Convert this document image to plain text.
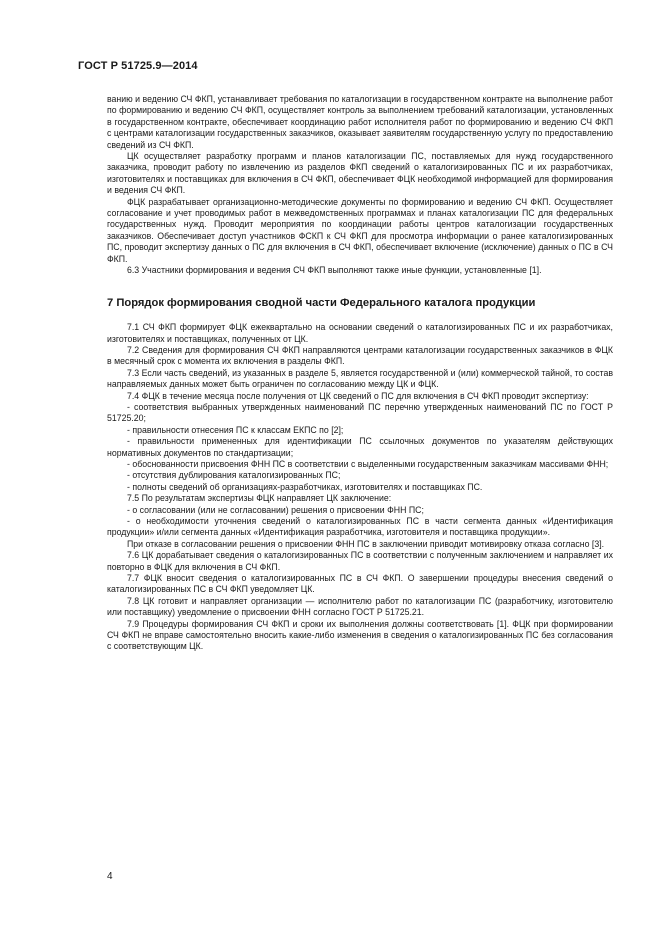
ГОСТ Р 51725.9—2014

ванию и ведению СЧ ФКП, устанавливает требования по каталогизации в государственном контракте на выполнение работ по формированию и ведению СЧ ФКП, осуществляет контроль за выполнением требований каталогизации, установленных в государственном контракте, обеспечивает координацию работ исполнителя работ по формированию и ведению СЧ ФКП с центрами каталогизации государственных заказчиков, оказывает заявителям государственную услугу по предоставлению сведений из СЧ ФКП.

ЦК осуществляет разработку программ и планов каталогизации ПС, поставляемых для нужд государственного заказчика, проводит работу по извлечению из разделов ФКП сведений о каталогизированных ПС и их разработчиках, изготовителях и поставщиках для включения в СЧ ФКП, обеспечивает ФЦК необходимой информацией для формирования и ведения СЧ ФКП.

ФЦК разрабатывает организационно-методические документы по формированию и ведению СЧ ФКП. Осуществляет согласование и учет проводимых работ в межведомственных программах и планах каталогизации ПС для федеральных государственных нужд. Проводит мероприятия по координации работы центров каталогизации государственных заказчиков. Обеспечивает доступ участников ФСКП к СЧ ФКП для просмотра информации о ранее каталогизированных ПС, проводит экспертизу данных о ПС для включения в СЧ ФКП, обеспечивает включение (исключение) данных о ПС в СЧ ФКП.

6.3 Участники формирования и ведения СЧ ФКП выполняют также иные функции, установленные [1].

7 Порядок формирования сводной части Федерального каталога продукции

7.1 СЧ ФКП формирует ФЦК ежеквартально на основании сведений о каталогизированных ПС и их разработчиках, изготовителях и поставщиках, полученных от ЦК.

7.2 Сведения для формирования СЧ ФКП направляются центрами каталогизации государственных заказчиков в ФЦК в месячный срок с момента их включения в разделы ФКП.

7.3 Если часть сведений, из указанных в разделе 5, является государственной и (или) коммерческой тайной, то состав направляемых данных может быть ограничен по согласованию между ЦК и ФЦК.

7.4 ФЦК в течение месяца после получения от ЦК сведений о ПС для включения в СЧ ФКП проводит экспертизу:

- соответствия выбранных утвержденных наименований ПС перечню утвержденных наименований ПС по ГОСТ Р 51725.20;

- правильности отнесения ПС к классам ЕКПС по [2];

- правильности примененных для идентификации ПС ссылочных документов по указателям действующих нормативных документов по стандартизации;

- обоснованности присвоения ФНН ПС в соответствии с выделенными государственным заказчикам массивами ФНН;

- отсутствия дублирования каталогизированных ПС;

- полноты сведений об организациях-разработчиках, изготовителях и поставщиках ПС.

7.5 По результатам экспертизы ФЦК направляет ЦК заключение:

- о согласовании (или не согласовании) решения о присвоении ФНН ПС;

- о необходимости уточнения сведений о каталогизированных ПС в части сегмента данных «Идентификация продукции» и/или сегмента данных «Идентификация разработчика, изготовителя и поставщика продукции».

При отказе в согласовании решения о присвоении ФНН ПС в заключении приводит мотивировку отказа согласно [3].

7.6 ЦК дорабатывает сведения о каталогизированных ПС в соответствии с полученным заключением и направляет их повторно в ФЦК для включения в СЧ ФКП.

7.7 ФЦК вносит сведения о каталогизированных ПС в СЧ ФКП. О завершении процедуры внесения сведений о каталогизированных ПС в СЧ ФКП уведомляет ЦК.

7.8 ЦК готовит и направляет организации — исполнителю работ по каталогизации ПС (разработчику, изготовителю или поставщику) уведомление о присвоении ФНН согласно ГОСТ Р 51725.21.

7.9 Процедуры формирования СЧ ФКП и сроки их выполнения должны соответствовать [1]. ФЦК при формировании СЧ ФКП не вправе самостоятельно вносить какие-либо изменения в сведения о каталогизированных ПС без согласования с соответствующим ЦК.

4
